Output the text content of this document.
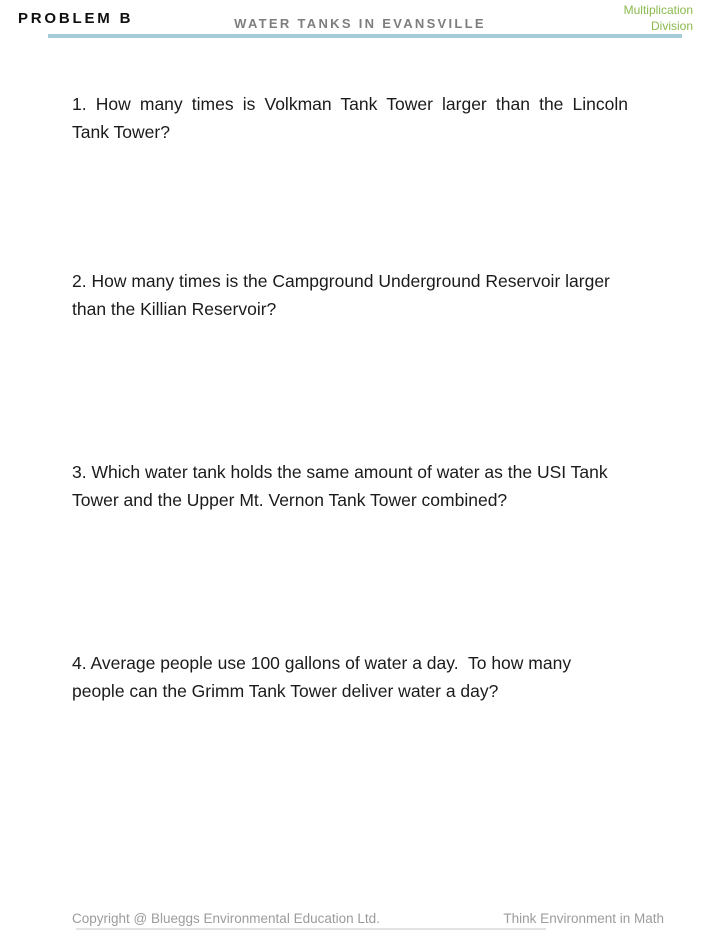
PROBLEM B	WATER TANKS IN EVANSVILLE
Multiplication
Division
1. How many times is Volkman Tank Tower larger than the Lincoln
Tank Tower?
2. How many times is the Campground Underground Reservoir larger
than the Killian Reservoir?
3. Which water tank holds the same amount of water as the USI Tank
Tower and the Upper Mt. Vernon Tank Tower combined?
4. Average people use 100 gallons of water a day.  To how many
people can the Grimm Tank Tower deliver water a day?
Copyright @ Blueggs Environmental Education Ltd.	Think Environment in Math
